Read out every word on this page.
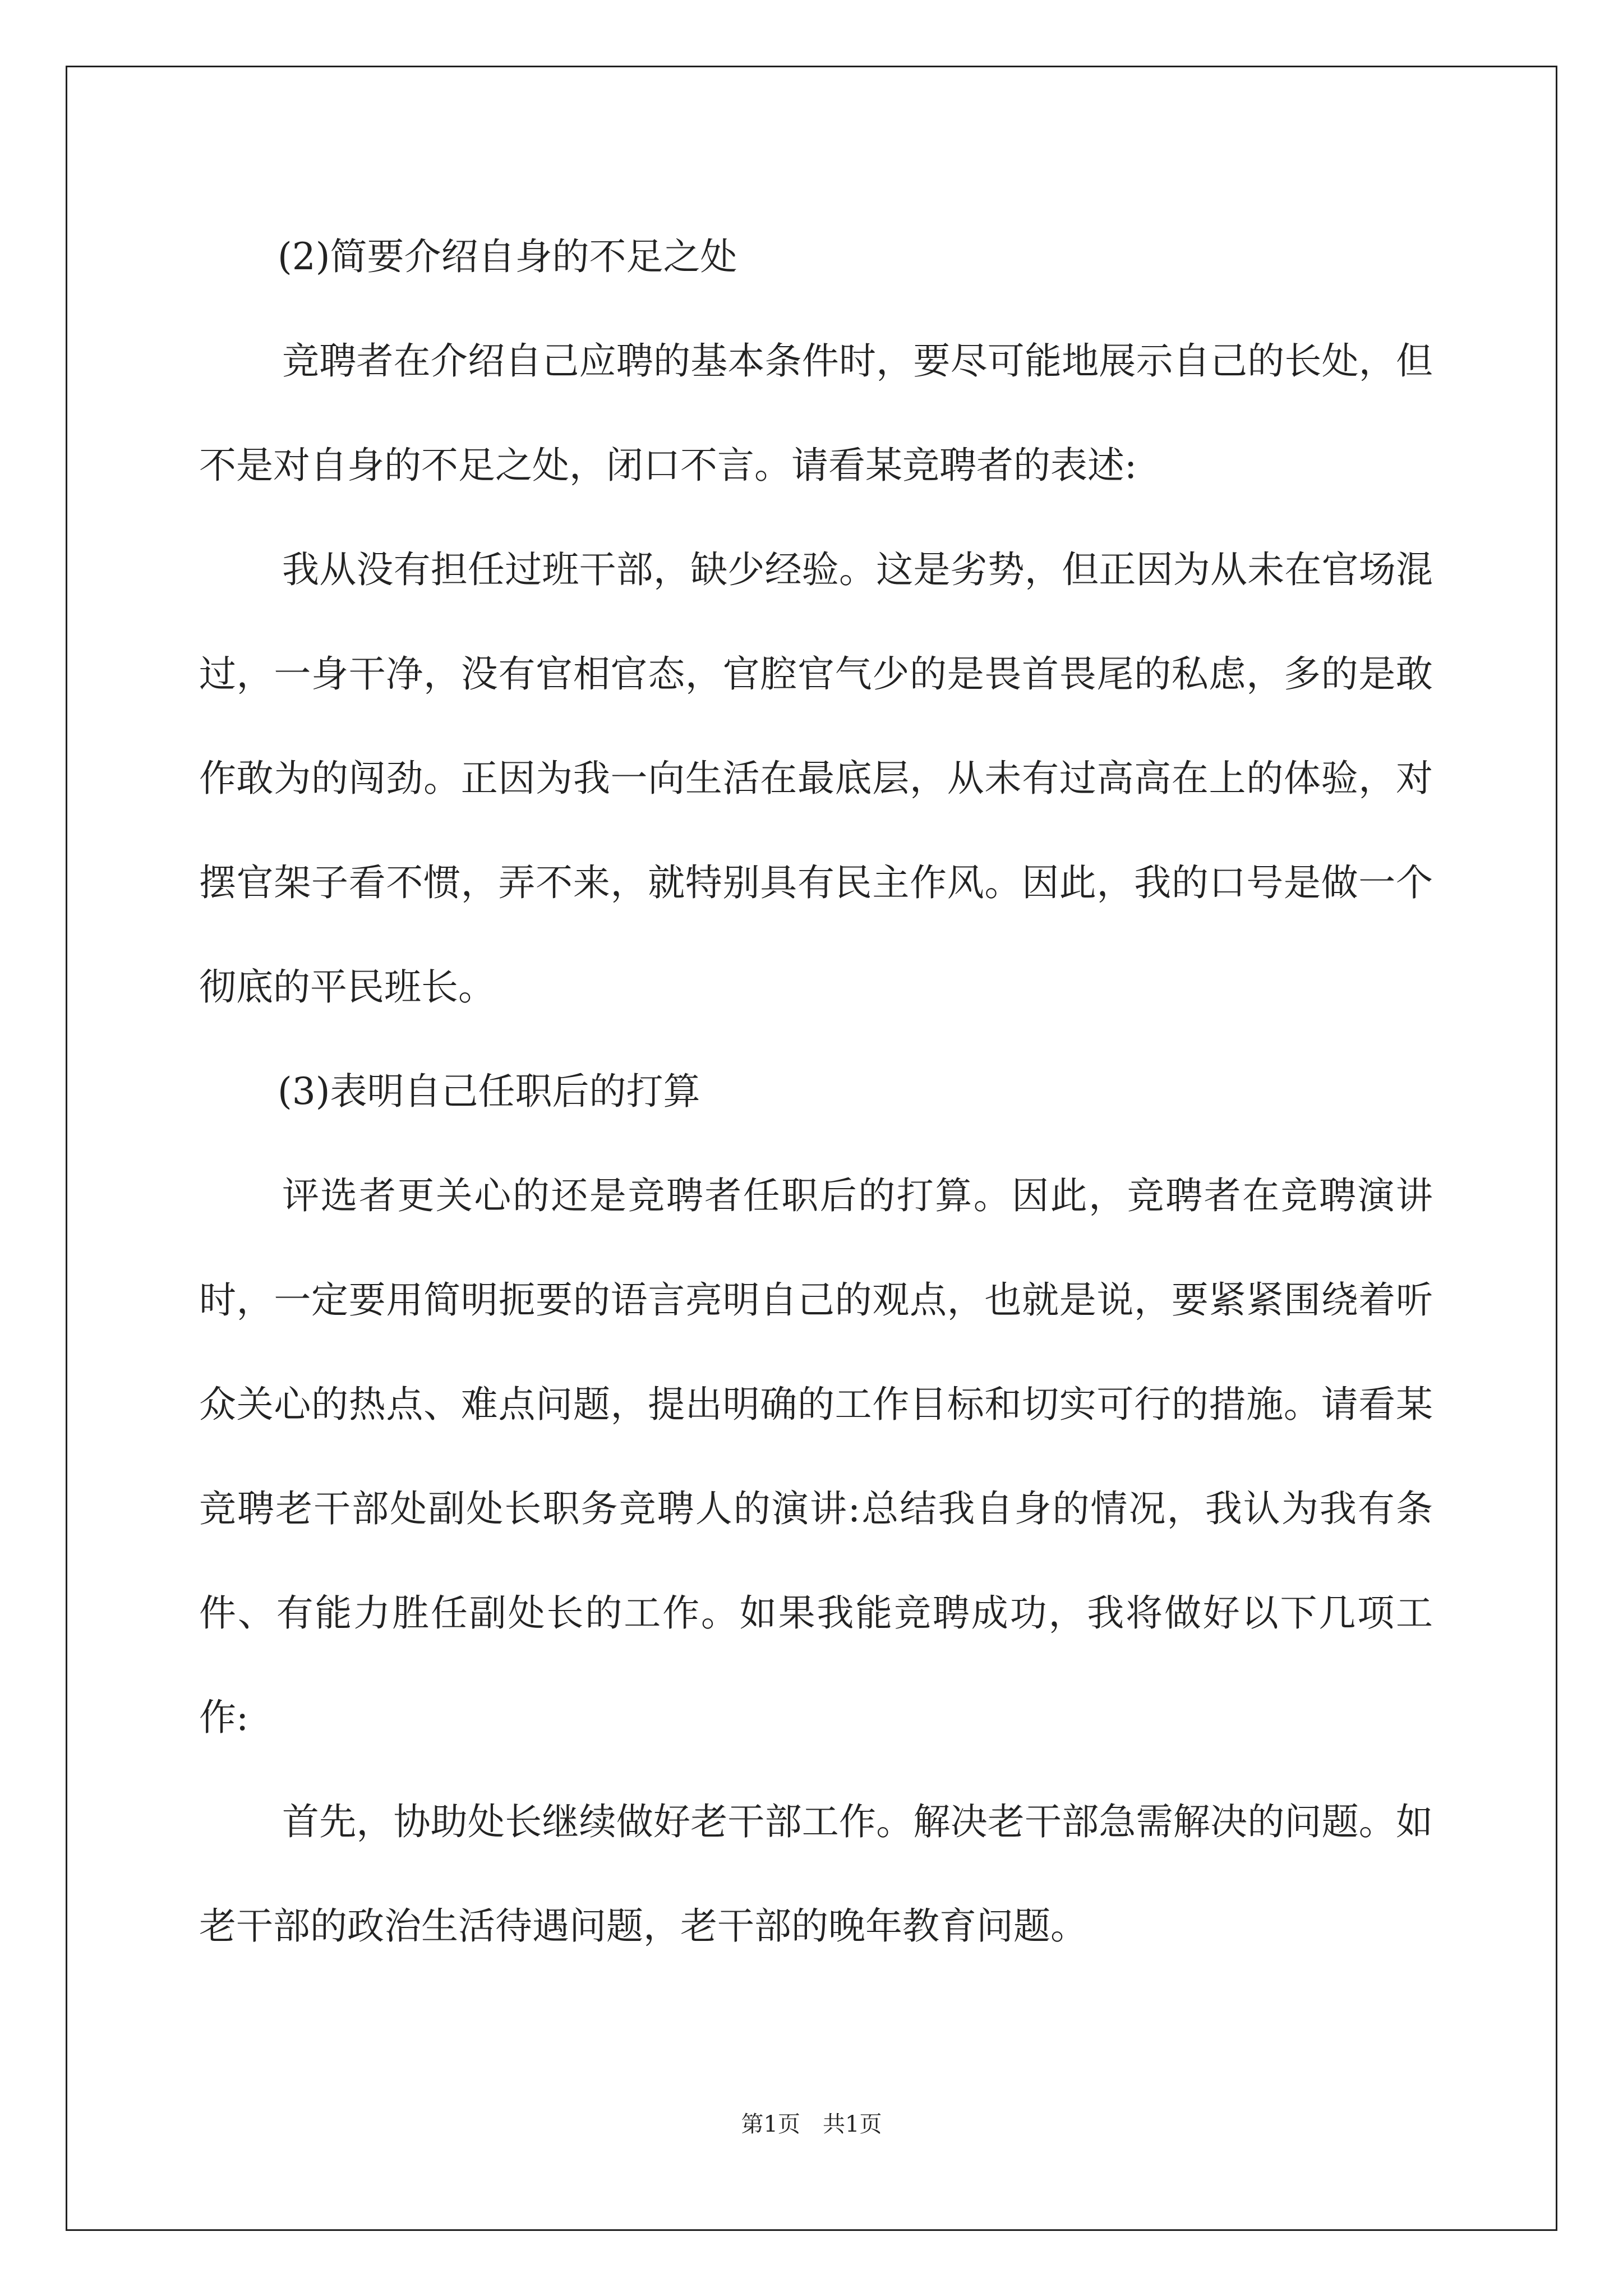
(2)简要介绍自身的不足之处

竞聘者在介绍自己应聘的基本条件时，要尽可能地展示自己的长处，但不是对自身的不足之处，闭口不言。请看某竞聘者的表述:

我从没有担任过班干部，缺少经验。这是劣势，但正因为从未在官场混过，一身干净，没有官相官态，官腔官气少的是畏首畏尾的私虑，多的是敢作敢为的闯劲。正因为我一向生活在最底层，从未有过高高在上的体验，对摆官架子看不惯，弄不来，就特别具有民主作风。因此，我的口号是做一个彻底的平民班长。

(3)表明自己任职后的打算

评选者更关心的还是竞聘者任职后的打算。因此，竞聘者在竞聘演讲时，一定要用简明扼要的语言亮明自己的观点，也就是说，要紧紧围绕着听众关心的热点、难点问题，提出明确的工作目标和切实可行的措施。请看某竞聘老干部处副处长职务竞聘人的演讲:总结我自身的情况，我认为我有条件、有能力胜任副处长的工作。如果我能竞聘成功，我将做好以下几项工作:

首先，协助处长继续做好老干部工作。解决老干部急需解决的问题。如老干部的政治生活待遇问题，老干部的晚年教育问题。

第1页 共1页
